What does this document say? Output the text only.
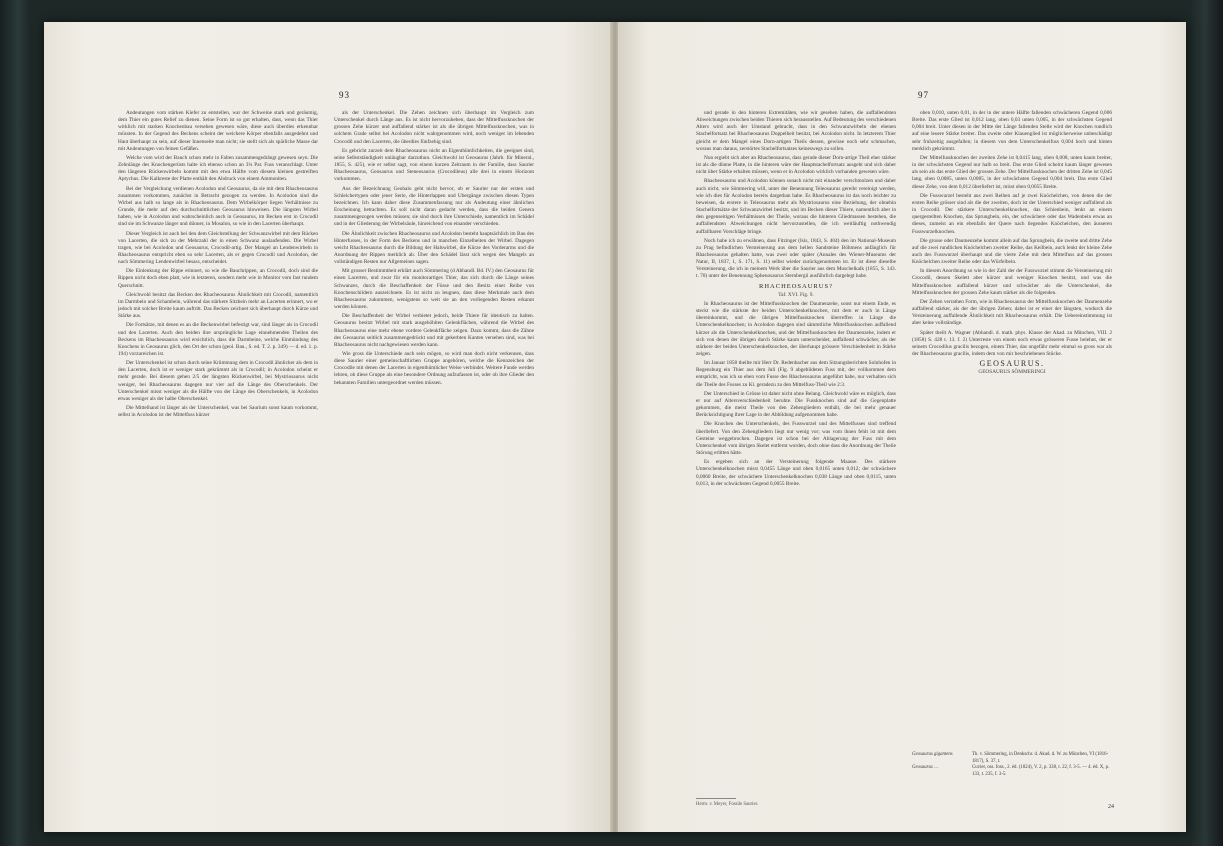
93

Andeutungen vom stärken Kiefer zu entstellen, war der Schweine stark und geräumig, dem Thier ein gutes Relief zu dienen. Seine Form ist so gut erhalten, dass, wenn das Thier wirklich mit starken Knochenbau versehen gewesen wäre, diese auch überdies erkennbar müssten. In der Gegend des Beckens scheint der weichere Körper ebenfalls ausgedehnt und Haut überhaupt zu sein, auf dieser Innenseite man nicht; sie stellt sich als spärliche Masse dar mit Andeutungen von feinen Gefäßen.

Welche vom wird der Bauch schon mehr in Falten zusammengedrängt gewesen seyn. Die Zehnlänge des Knochengerüsts halte ich ebenso schon an 3¼ Par. Fuss veranschlagt. Unter den längeren Rückenwirbeln kommt mit den etwa Hälfte vom diesem kleinen gestreiften Aptychus. Die Kalkreste der Platte enthält den Abdruck von einem Ammoniten.

Bei der Vergleichung verdienen Acolodon und Geosaurus, da sie mit dem Rhacheosaurus zusammen vorkommen, zunächst in Betracht gezogen zu werden. In Acolodon sind die Wirbel aus halb so lange als in Rhacheosaurus. Dem Wirbelkörper liegen Verhältnisse zu Grunde, die mehr auf den durchschnittlichen Geosaurus hinweisen. Die längsten Wirbel haben, wie in Acolodon und wahrscheinlich auch in Geosaurus, im Becken erst in Crocodil sind sie im Schwanze länger und dünner, in Mosalon, so wie in den Lacerten überhaupt.

Dieser Vergleich ist auch bei den dem Gleichstellung der Schwanzwirbel mit dem Rücken von Lacerten, die sich zu der Mehrzahl der in einen Schwanz auslaufenden. Die Wirbel tragen, wie bei Acolodon und Geosaurus, Crocodil-artig. Der Mangel an Lendenwirbeln in Rhacheosaurus entspricht eben so sehr Lacerten, als er gegen Crocodil und Acolodon, der nach Sömmering Lendenwirbel besass, entscheidet.

Die Einlenkung der Rippe erinnert, so wie die Bauchrippen, an Crocodil, doch sind die Rippen nicht doch eben platt, wie in letzteren, sondern mehr wie in Monitor vom fast rundem Querschnitt.

Gleichwohl besitzt das Becken des Rhacheosaurus Ähnlichkeit mit Crocodil, namentlich im Darmbein und Schambein, während das stärkere Sitzbein mehr an Lacerten erinnert, wo er jedoch mit solcher Breite kaum auftritt. Das Becken zeichnet sich überhaupt durch Kürze und Stärke aus.

Die Fortsätze, mit denen es an die Beckenwirbel befestigt war, sind länger als in Crocodil und den Lacerten. Auch den beiden ihre ursprüngliche Lage einnehmenden Theilen des Beckens im Rhacheosaurus wird ersichtlich, dass die Darmbeine, welche Einmündung des Knochens in Geosaurus glich, den Ort der schon (geol. Bau., S. ed. T. 2. p. 349) — d. ed. 1. p. 194) vorzureichen ist.

Der Unterschenkel ist schon durch seine Krümmung dem in Crocodil ähnlicher als dem in den Lacerten, doch ist er weniger stark gekrümmt als in Crocodil; in Acolodon scheint er mehr gerade. Bei diesem gehen 2/5 der längsten Rückenwirbel, bei Mystriosaurus nicht weniger, bei Rhacheosaurus dagegen nur vier auf die Länge des Oberschenkels. Der Unterschenkel misst weniger als die Hälfte von der Länge des Oberschenkels, in Acolodon etwas weniger als der halbe Oberschenkel.

Die Mittelhand ist länger als der Unterschenkel, was bei Saurium sonst kaum vorkommt, selbst in Acolodon ist der Mittelfuss kürzer

als der Unterschenkel. Die Zehen zeichnen sich überhaupt im Vergleich zum Unterschenkel durch Länge aus. Es ist nicht hervorzuheben, dass der Mittelfussknochen der grossen Zehe kürzer und auffallend stärker ist als die übrigen Mittelfussknochen, was in solchem Grade selbst bei Acolodon nicht wahrgenommen wird, noch weniger im lebenden Crocodil und den Lacerten, die überdies fünfzehig sind.

Es gebricht zurzeit dem Rhacheosaurus nicht an Eigenthümlichkeiten, die geeignet sind, seine Selbstständigkeit unläugbar darzuthun. Gleichwohl ist Geosaurus (Jahrb. für Mineral., 1855, S. 425), wie er selbst sagt, von einem kurzen Zeitraum in der Familie, dass Saurier Rhacheosaurus, Geosaurus und Steneosaurus (Crocodileus) alle drei in einem Horizont vorkommen.

Aus der Bezeichnung Geohalo geht nicht hervor, ob er Saurier nur der ersten und Schleichertypen oder jener Serie, die Hinterlappen und Ubergänge zwischen diesen Typen bezeichnen. Ich kann daher diese Zusammenfassung nur als Andeutung einer ähnlichen Erscheinung betrachten. Es soll nicht daran gedacht werden, dass die beiden Genera zusammengezogen werden müssen; sie sind durch ihre Unterschiede, namentlich im Schädel und in der Gliederung der Wirbelsäule, hinreichend von einander verschieden.

Die Ähnlichkeit zwischen Rhacheosaurus und Acolodon besteht hauptsächlich im Bau des Hinterfusses, in der Form des Beckens und in manchen Einzelheiten der Wirbel. Dagegen weicht Rhacheosaurus durch die Bildung der Halswirbel, die Kürze des Vorderarms und die Anordnung der Rippen merklich ab. Über den Schädel lässt sich wegen des Mangels an vollständigen Resten nur Allgemeines sagen.

Mit grosser Bestimmtheit erklärt auch Sömmering (d Abhandl. Bd. IV.) den Geosaurus für einen Lacerten, und zwar für ein monitorartiges Thier, das sich durch die Länge seines Schwanzes, durch die Beschaffenheit der Füsse und den Besitz einer Reihe von Knochenschildern auszeichnete. Es ist nicht zu leugnen, dass diese Merkmale auch dem Rhacheosaurus zukommen, wenigstens so weit sie an den vorliegenden Resten erkannt werden können.

Die Beschaffenheit der Wirbel verbietet jedoch, beide Thiere für identisch zu halten. Geosaurus besitzt Wirbel mit stark ausgehöhlten Gelenkflächen, während die Wirbel des Rhacheosaurus eine mehr ebene vordere Gelenkfläche zeigen. Dazu kommt, dass die Zähne des Geosaurus seitlich zusammengedrückt und mit gekerbten Kanten versehen sind, was bei Rhacheosaurus nicht nachgewiesen werden kann.

Wie gross die Unterschiede auch sein mögen, so wird man doch nicht verkennen, dass diese Saurier einer gemeinschaftlichen Gruppe angehören, welche die Kennzeichen der Crocodile mit denen der Lacerten in eigenthümlicher Weise verbindet. Weitere Funde werden lehren, ob diese Gruppe als eine besondere Ordnung aufzufassen ist, oder ob ihre Glieder den bekannten Familien untergeordnet werden müssen.

97

und gerade in den hinteren Extremitäten, wie wir gesehen haben, die auffallendsten Abweichungen zwischen beiden Thieren sich herausstellen. Auf Bedeutung des verschiedenen Alters wird auch der Umstand gebracht, dass in den Schwanzwirbeln der ebenen Stachelfortsatz bei Rhacheosaurus Doppelheit besitzt, bei Acolodon nicht. In letzterem Thier gleicht er dem Mangel eines Dorn-artigen Theils dessen, gewisse noch sehr schmachen, woraus man daraus, zerstörtes Stachelfortsatzes keineswegs zu sollen.

Nun ergiebt sich aber an Rhacheosaurus, dass gerade dieser Dorn-artige Theil eher stärker ist als die dünne Platte, in die hinteren wäre der Hauptstachelfortsatz ausgeht und sich daher nicht über Stärke erhalten müssen, wenn er in Acolodon wirklich vorhanden gewesen wäre.

Rhacheosaurus und Acolodon können sonach nicht mit einander verschmolzen und daher auch nicht, wie Sömmering will, unter der Benennung Teleosaurus gereiht vereinigt werden, wie ich dies für Acolodon bereits dargethan habe. Es Rhacheosaurus ist das noch leichter zu beweisen, da erstere in Teleosaurus mehr als Mystriosaurus eine Beziehung, der ohnehin Stachelfortsätze der Schwanzwirbel besitzt, und im Becken dieser Thiere, namentlich aber in den gegenseitigen Verhältnissen der Theile, woraus die hinteren Gliedmassen bestehen, die auffallendsten Abweichungen nicht hervorzustellen, die ich weitläuftig nothwendig auffallbaren Vorschläge bringe.

Noch habe ich zu erwähnen, dass Fitzinger (Isis, 1843, S. 404) den im National-Museum zu Prag befindlichen Versteinerung aus dem hellen Sandsteine Böhmens anfänglich für Rhacheosaurus gehalten hatte, was zwei oder später (Annales des Wiener-Museums der Natur, II, 1837, 1, S. 171, S. 11) selbst wieder zurückgenommen ist. Er ist diese dieselbe Versteinerung, die ich in meinem Werk über die Saurier aus dem Muschelkalk (1855, S. 143. t. 70) unter der Benennung Sphenosaurus Sternbergii ausführlich dargelegt habe.

RHACHEOSAURUS?

Taf. XVI. Fig. 9.

In Rhacheosaurus ist der Mittelfussknochen der Daumenzehe, sonst nur einem Ende, es steckt wie die stärkste der beiden Unterschenkelknochen, mit dem er auch in Länge übereinkommt, und die übrigen Mittelfussknochen überreffen in Länge die Unterschenkelknochen; in Acolodon dagegen sind sämmtliche Mittelfussknochen auffallend kürzer als die Unterschenkelknochen, und der Mittelfussknochen der Daumenzehe, indem er sich von denen der übrigen durch Stärke kaum unterscheidet, auffallend schwächer, als der stärkere der beiden Unterschenkelknochen, der überhaupt grössere Verschiedenheit in Stärke zeigen.

Im Januar 1858 theilte mir Herr Dr. Redenbacher aus dem Sitzungsberichten Solnhofen in Regensburg ein Thier aus dem Juli (Fig. 9 abgebildeten Fuss mit, der vollkommen dem entspricht, was ich so eben vom Fusse des Rhacheosaurus angeführt habe, nur verhalten sich die Theile des Fusses zu Kl. geradezu zu den Mittelfuss-Theil wie 2:3.

Der Unterschied in Grösse ist daher nicht ohne Belang. Gleichwohl wäre es möglich, dass er nur auf Altersverschiedenheit beruhte. Die Fussknochen sind auf die Gegenplatte gekommen, die meist Theile von den Zehengliedern enthält, die bei mehr genauer Berücksichtigung ihrer Lage in der Abbildung aufgenommen habe.

Die Knochen des Unterschenkels, des Fusswurzel und des Mittelfusses sind treffend überliefert. Von den Zehengliedern liegt nur wenig vor; was vom ihnen fehlt ist mit dem Gesteine weggebrochen. Dagegen ist schon bei der Ablagerung der Fuss mit dem Unterschenkel vom übrigen Skelet entfernt worden, doch ohne dass die Anordnung der Theile Störung erlitten hätte.

Es ergeben sich an der Versteinerung folgende Maasse. Des stärkere Unterschenkelknochen misst 0,0455 Länge und oben 0,0165 unten 0,012; der schwächere 0,0060 Breite, der schwächere Unterschenkelknochen 0,038 Länge und oben 0,0115, unten 0,013, in der schwächsten Gegend 0,0055 Breite.

oben 0,010, unten 0,01, in der in der untere Hälfte fallenden schwächeren Gegend 0,006 Breite. Das erste Glied ist 0,012 lang, oben 0,03 unten 0,005, in der schwächsten Gegend 0,004 breit. Unter diesen in der Mitte der Länge fallenden Stelle wird der Knochen rundlich auf eine leuere Stärke breiter. Das zweite oder Klauenglied ist möglicherweise unbeschädigt sehr fruhzeitig ausgefallen; in diesem von dem Unterschenkelfuss 0,004 hoch und hinten merklich gekrümmt.

Der Mittelfussknochen der zweiten Zehe ist 0,0415 lang, oben 0,008, unten kaum breiter, in der schwächsten Gegend nur halb so breit. Das erste Glied scheint kaum länger gewesen als sein als das erste Glied der grossen Zehe. Der Mittelfussknochen der dritten Zehe ist 0,045 lang, oben 0,0085, unten 0,0085, in der schwächsten Gegend 0,004 breit. Das erste Glied dieser Zehe, von dem 0,012 überliefert ist, misst oben 0,0055 Breite.

Die Fusswurzel besteht aus zwei Reihen auf je zwei Knöchelchen, von denen die der ersten Reihe grösser sind als die der zweiten, doch ist der Unterschied weniger auffallend als in Crocodil. Der stärkere Unterschenkelknochen, das Schienbein, lenkt an einem quergestellten Knochen, das Sprungbein, ein, der schwächere oder das Wadenbein etwas an dieses, zumeist an ein ebenfalls der Quere nach liegendes Knöchelchen, den äusseren Fusswurzelknochen.

Die grosse oder Daumenzehe kommt allein auf das Sprungbein, die zweite und dritte Zehe auf die zwei rundlichen Knöchelchen zweiter Reihe, das Keilbein, auch lenkt der kleine Zehe auch des Fusswurzel überhaupt und die vierte Zehe mit dem Mittelfuss auf das grossen Knöchelchen zweiter Reihe oder das Würfelbein.

In diesem Anordnung so wie in der Zahl der der Fusswurzel stimmt die Versteinerung mit Crocodil, dessen Skelett aber kürzer und weniger Knochen besitzt, und was die Mittelfussknochen auffallend kürzer und schwächer als die Unterschenkel, die Mittelfussknochen der grossen Zehe kaum stärker als die folgenden.

Der Zehen verrathen Form, wie in Rhacheosaurus der Mittelfussknochen der Daumenzehe auffallend stärker, als der der übrigen Zehen; dabei ist er einer der längsten, wodurch die Versteinerung auffallende Ähnlichkeit mit Rhacheosaurus erhält. Die Uebereinstimmung ist aber keine vollständige.

Später theilt A. Wagner (Abhandl. d. math. phys. Klasse der Akad. zu München, VIII. 2 (1858) S. 428 t. 13. f. 2) Unterreste von einem noch etwas grösseren Fusse belehnt, der er seinem Crocodilus gracilis bezogen, einem Thier, das ungefähr mehr einmal so gross war als der Rhacheosaurus gracilis, indem dem von mir beschriebenen Stücke.

GEOSAURUS.

GEOSAURUS SÖMMERINGI

Geosaurus gigantens	Th. v. Sömmering, in Denkschr. d. Akad. d. W. zu München, VI (1816-1817), S. 37, t.
Geosaurus …	Cuvier, oss. foss., 2. éd. (1824), V. 2, p. 338, t. 22, f. 3-5. — 4. éd. X, p. 133, t. 235, f. 3-5.
Herm. v. Meyer, Fossile Saurier.	24
